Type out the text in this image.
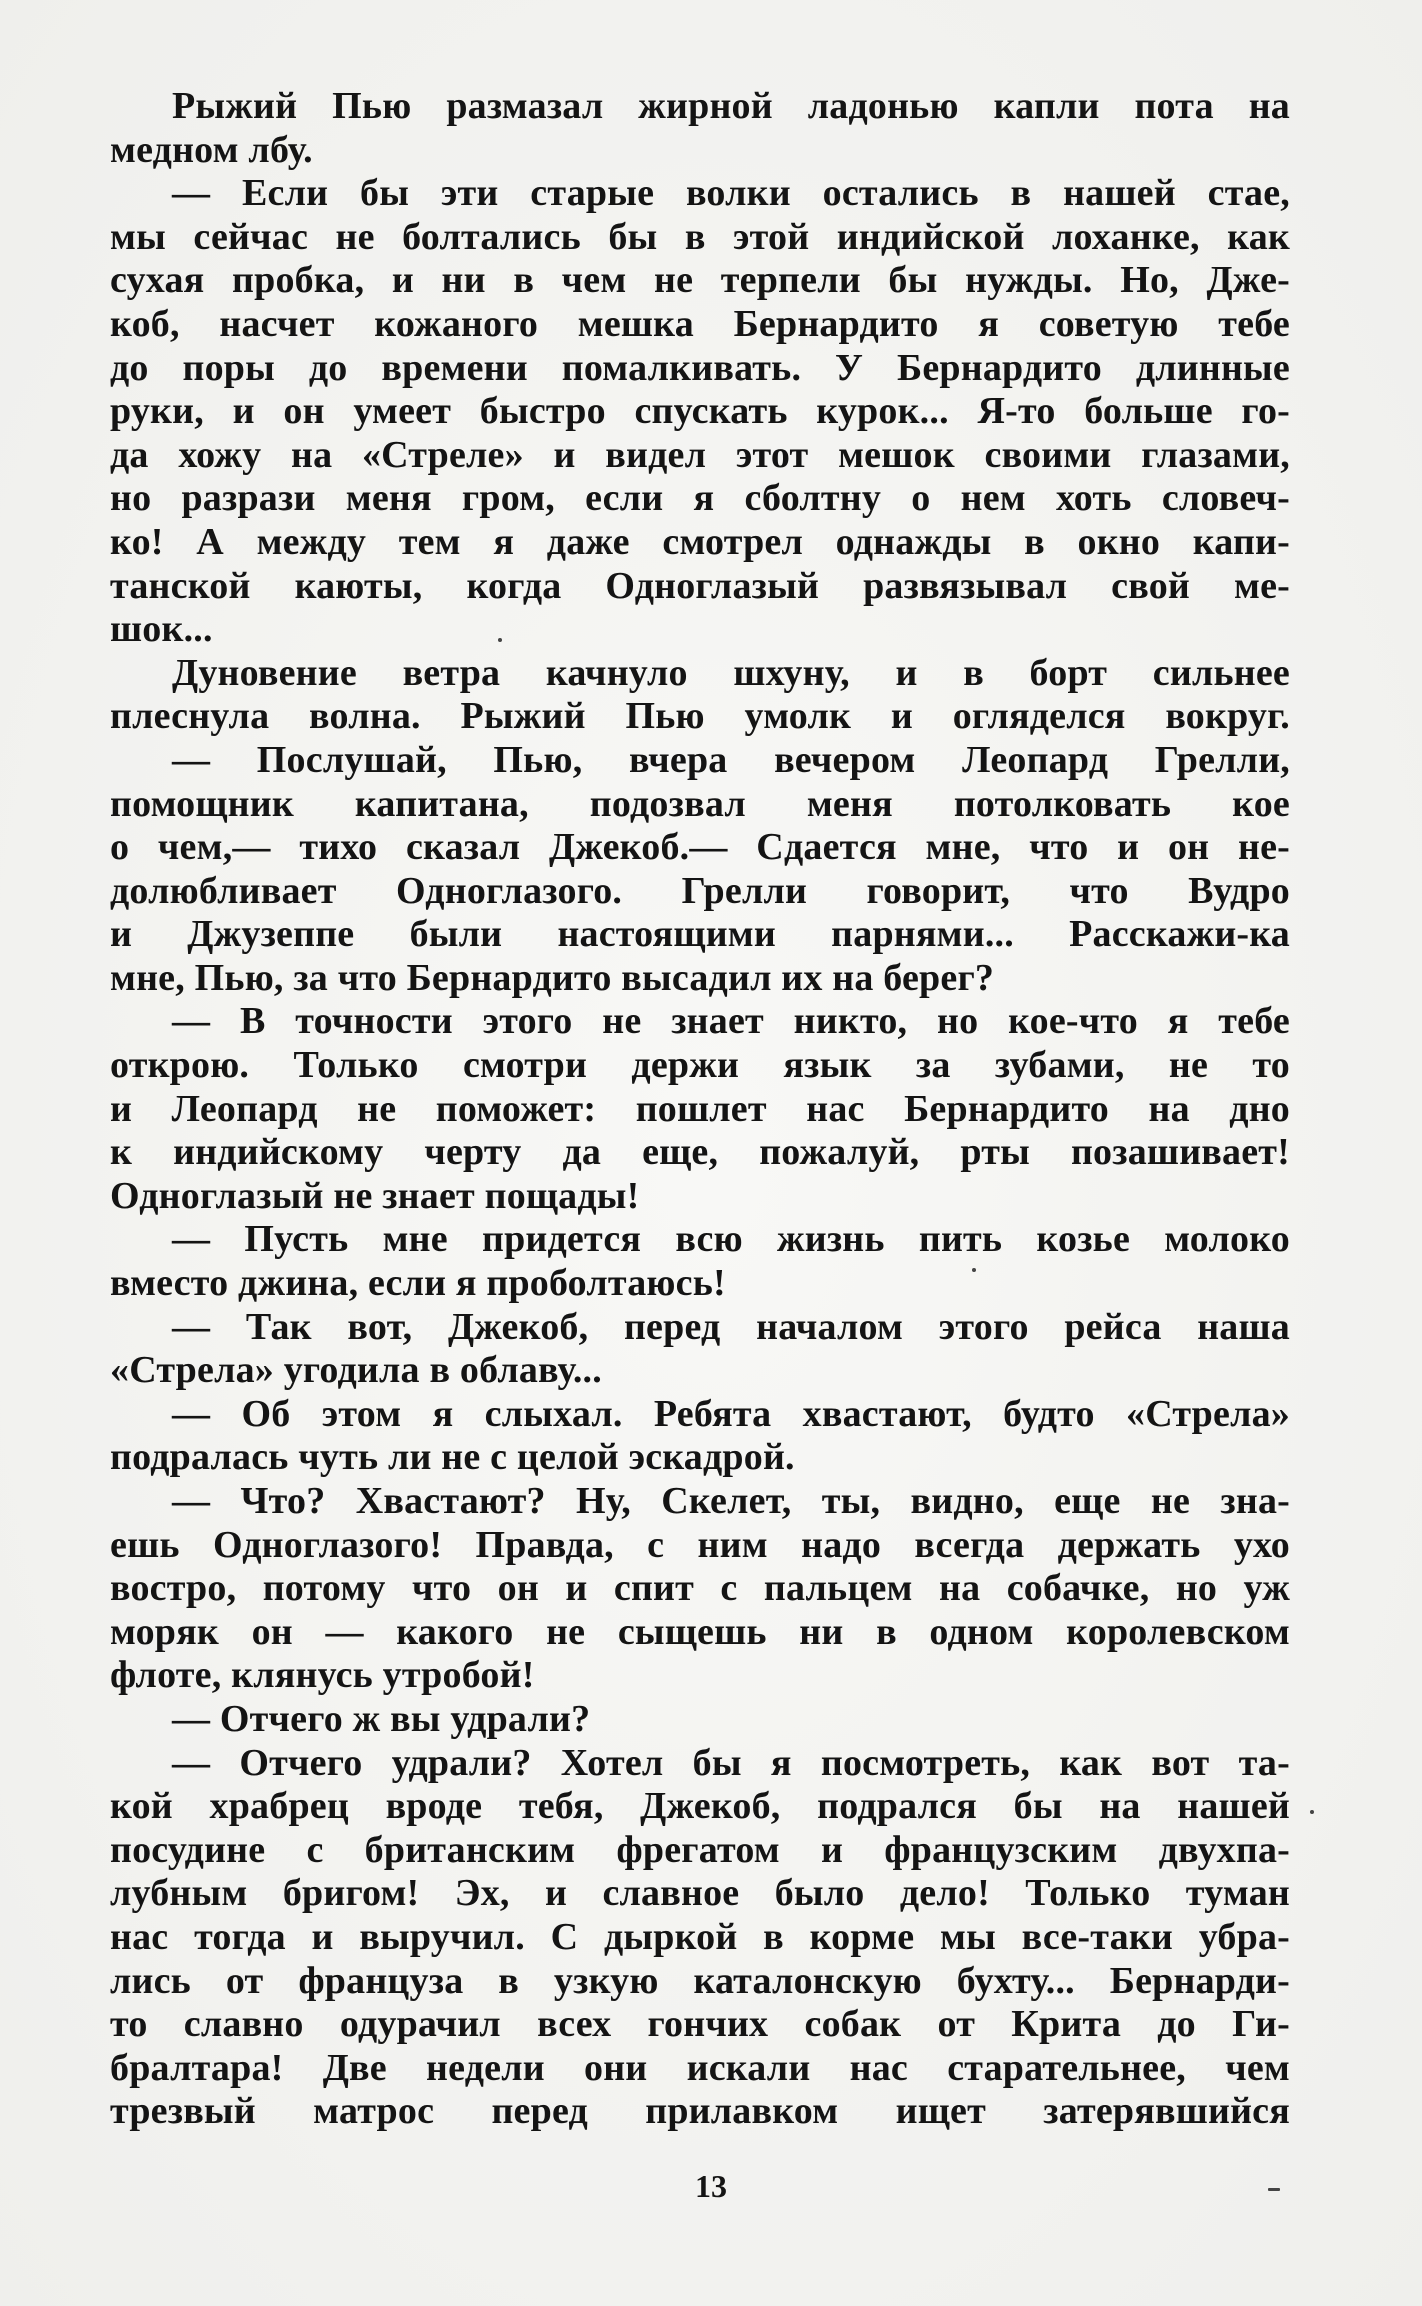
Рыжий Пью размазал жирной ладонью капли пота на
медном лбу.
— Если бы эти старые волки остались в нашей стае,
мы сейчас не болтались бы в этой индийской лоханке, как
сухая пробка, и ни в чем не терпели бы нужды. Но, Дже-
коб, насчет кожаного мешка Бернардито я советую тебе
до поры до времени помалкивать. У Бернардито длинные
руки, и он умеет быстро спускать курок... Я-то больше го-
да хожу на «Стреле» и видел этот мешок своими глазами,
но разрази меня гром, если я сболтну о нем хоть словеч-
ко! А между тем я даже смотрел однажды в окно капи-
танской каюты, когда Одноглазый развязывал свой ме-
шок...
Дуновение ветра качнуло шхуну, и в борт сильнее
плеснула волна. Рыжий Пью умолк и огляделся вокруг.
— Послушай, Пью, вчера вечером Леопард Грелли,
помощник капитана, подозвал меня потолковать кое
о чем,— тихо сказал Джекоб.— Сдается мне, что и он не-
долюбливает Одноглазого. Грелли говорит, что Вудро
и Джузеппе были настоящими парнями... Расскажи-ка
мне, Пью, за что Бернардито высадил их на берег?
— В точности этого не знает никто, но кое-что я тебе
открою. Только смотри держи язык за зубами, не то
и Леопард не поможет: пошлет нас Бернардито на дно
к индийскому черту да еще, пожалуй, рты позашивает!
Одноглазый не знает пощады!
— Пусть мне придется всю жизнь пить козье молоко
вместо джина, если я проболтаюсь!
— Так вот, Джекоб, перед началом этого рейса наша
«Стрела» угодила в облаву...
— Об этом я слыхал. Ребята хвастают, будто «Стрела»
подралась чуть ли не с целой эскадрой.
— Что? Хвастают? Ну, Скелет, ты, видно, еще не зна-
ешь Одноглазого! Правда, с ним надо всегда держать ухо
востро, потому что он и спит с пальцем на собачке, но уж
моряк он — какого не сыщешь ни в одном королевском
флоте, клянусь утробой!
— Отчего ж вы удрали?
— Отчего удрали? Хотел бы я посмотреть, как вот та-
кой храбрец вроде тебя, Джекоб, подрался бы на нашей
посудине с британским фрегатом и французским двухпа-
лубным бригом! Эх, и славное было дело! Только туман
нас тогда и выручил. С дыркой в корме мы все-таки убра-
лись от француза в узкую каталонскую бухту... Бернарди-
то славно одурачил всех гончих собак от Крита до Ги-
бралтара! Две недели они искали нас старательнее, чем
трезвый матрос перед прилавком ищет затерявшийся
13
